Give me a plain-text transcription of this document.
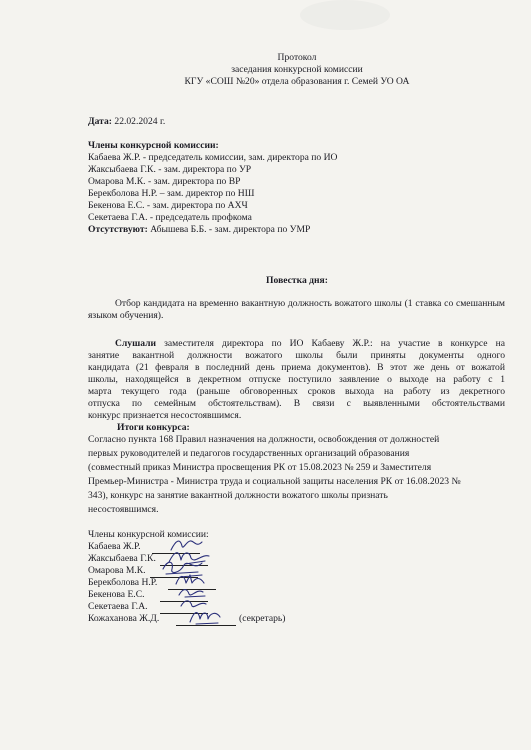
Протокол
заседания конкурсной комиссии
КГУ «СОШ №20» отдела образования г. Семей УО ОА
Дата: 22.02.2024 г.
Члены конкурсной комиссии:
Кабаева Ж.Р. - председатель комиссии, зам. директора по ИО
Жаксыбаева Г.К. - зам. директора по УР
Омарова М.К. - зам. директора по ВР
Берекболова Н.Р. – зам. директор по НШ
Бекенова Е.С. - зам. директора по АХЧ
Секетаева Г.А. - председатель профкома
Отсутствуют: Абышева Б.Б. - зам. директора по УМР
Повестка дня:
Отбор кандидата на временно вакантную должность вожатого школы (1 ставка со смешанным языком обучения).
Слушали заместителя директора по ИО Кабаеву Ж.Р.: на участие в конкурсе на
занятие вакантной должности вожатого школы были приняты документы одного
кандидата (21 февраля в последний день приема документов). В этот же день от вожатой
школы, находящейся в декретном отпуске поступило заявление о выходе на работу с 1
марта текущего года (раньше обговоренных сроков выхода на работу из декретного
отпуска по семейным обстоятельствам). В связи с выявленными обстоятельствами
конкурс признается несостоявшимся.
Итоги конкурса:
Согласно пункта 168 Правил назначения на должности, освобождения от должностей
первых руководителей и педагогов государственных организаций образования
(совместный приказ Министра просвещения РК от 15.08.2023 № 259 и Заместителя
Премьер-Министра - Министра труда и социальной защиты населения РК от 16.08.2023 №
343), конкурс на занятие вакантной должности вожатого школы признать
несостоявшимся.
Члены конкурсной комиссии:
Кабаева Ж.Р.
Жаксыбаева Г.К.
Омарова М.К.
Берекболова Н.Р.
Бекенова Е.С.
Секетаева Г.А.
Кожаханова Ж.Д.	(секретарь)
